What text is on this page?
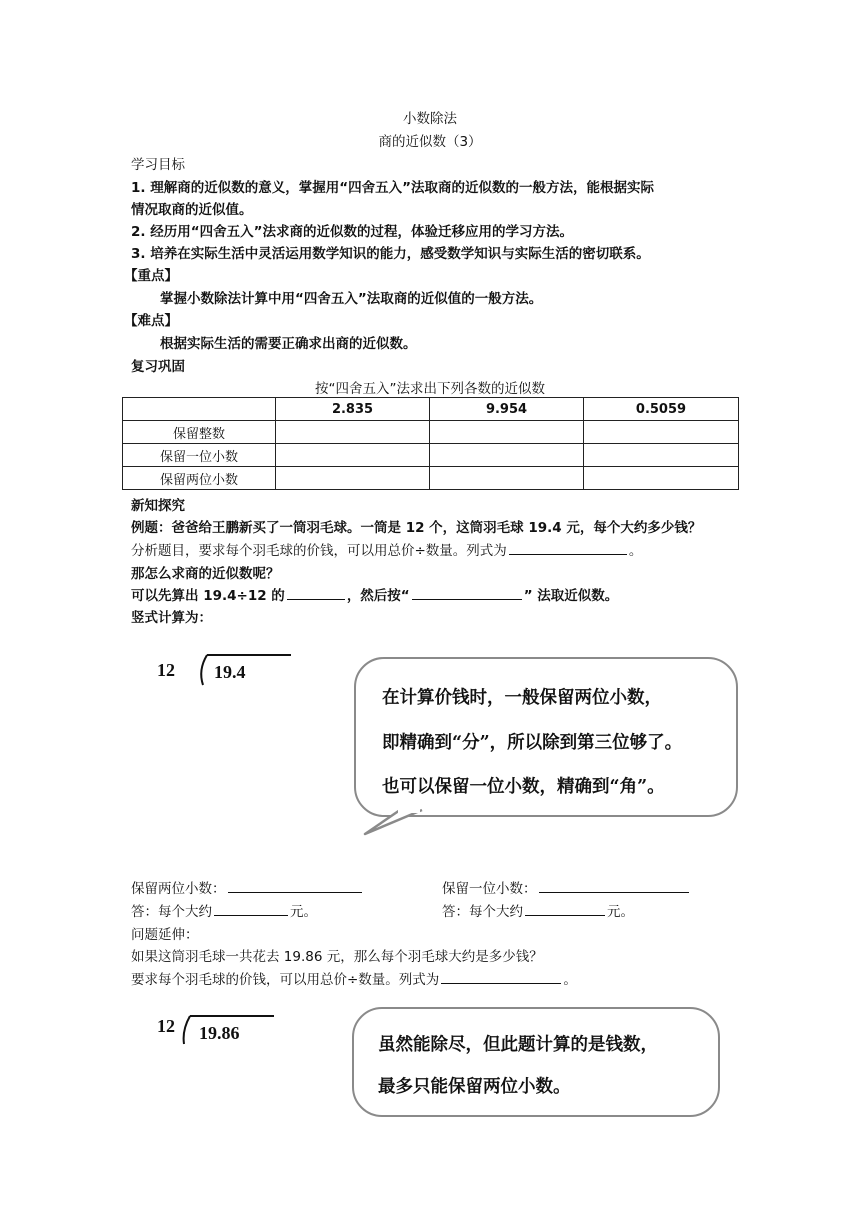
小数除法
商的近似数（3）
学习目标
1. 理解商的近似数的意义，掌握用“四舍五入”法取商的近似数的一般方法，能根据实际
情况取商的近似值。
2. 经历用“四舍五入”法求商的近似数的过程，体验迁移应用的学习方法。
3. 培养在实际生活中灵活运用数学知识的能力，感受数学知识与实际生活的密切联系。
【重点】
掌握小数除法计算中用“四舍五入”法取商的近似值的一般方法。
【难点】
根据实际生活的需要正确求出商的近似数。
复习巩固
按“四舍五入”法求出下列各数的近似数
	2.835	9.954	0.5059
保留整数			
保留一位小数			
保留两位小数			
新知探究
例题：爸爸给王鹏新买了一筒羽毛球。一筒是 12 个，这筒羽毛球 19.4 元，每个大约多少钱？
分析题目，要求每个羽毛球的价钱，可以用总价÷数量。列式为	。
那怎么求商的近似数呢？
可以先算出 19.4÷12 的	，然后按“	” 法取近似数。
竖式计算为：
12 19.4
在计算价钱时，一般保留两位小数，
即精确到“分”，所以除到第三位够了。
也可以保留一位小数，精确到“角”。
保留两位小数：	保留一位小数：
答：每个大约	元。	答：每个大约	元。
问题延伸：
如果这筒羽毛球一共花去 19.86 元，那么每个羽毛球大约是多少钱？
要求每个羽毛球的价钱，可以用总价÷数量。列式为	。
12 19.86
虽然能除尽，但此题计算的是钱数，
最多只能保留两位小数。
